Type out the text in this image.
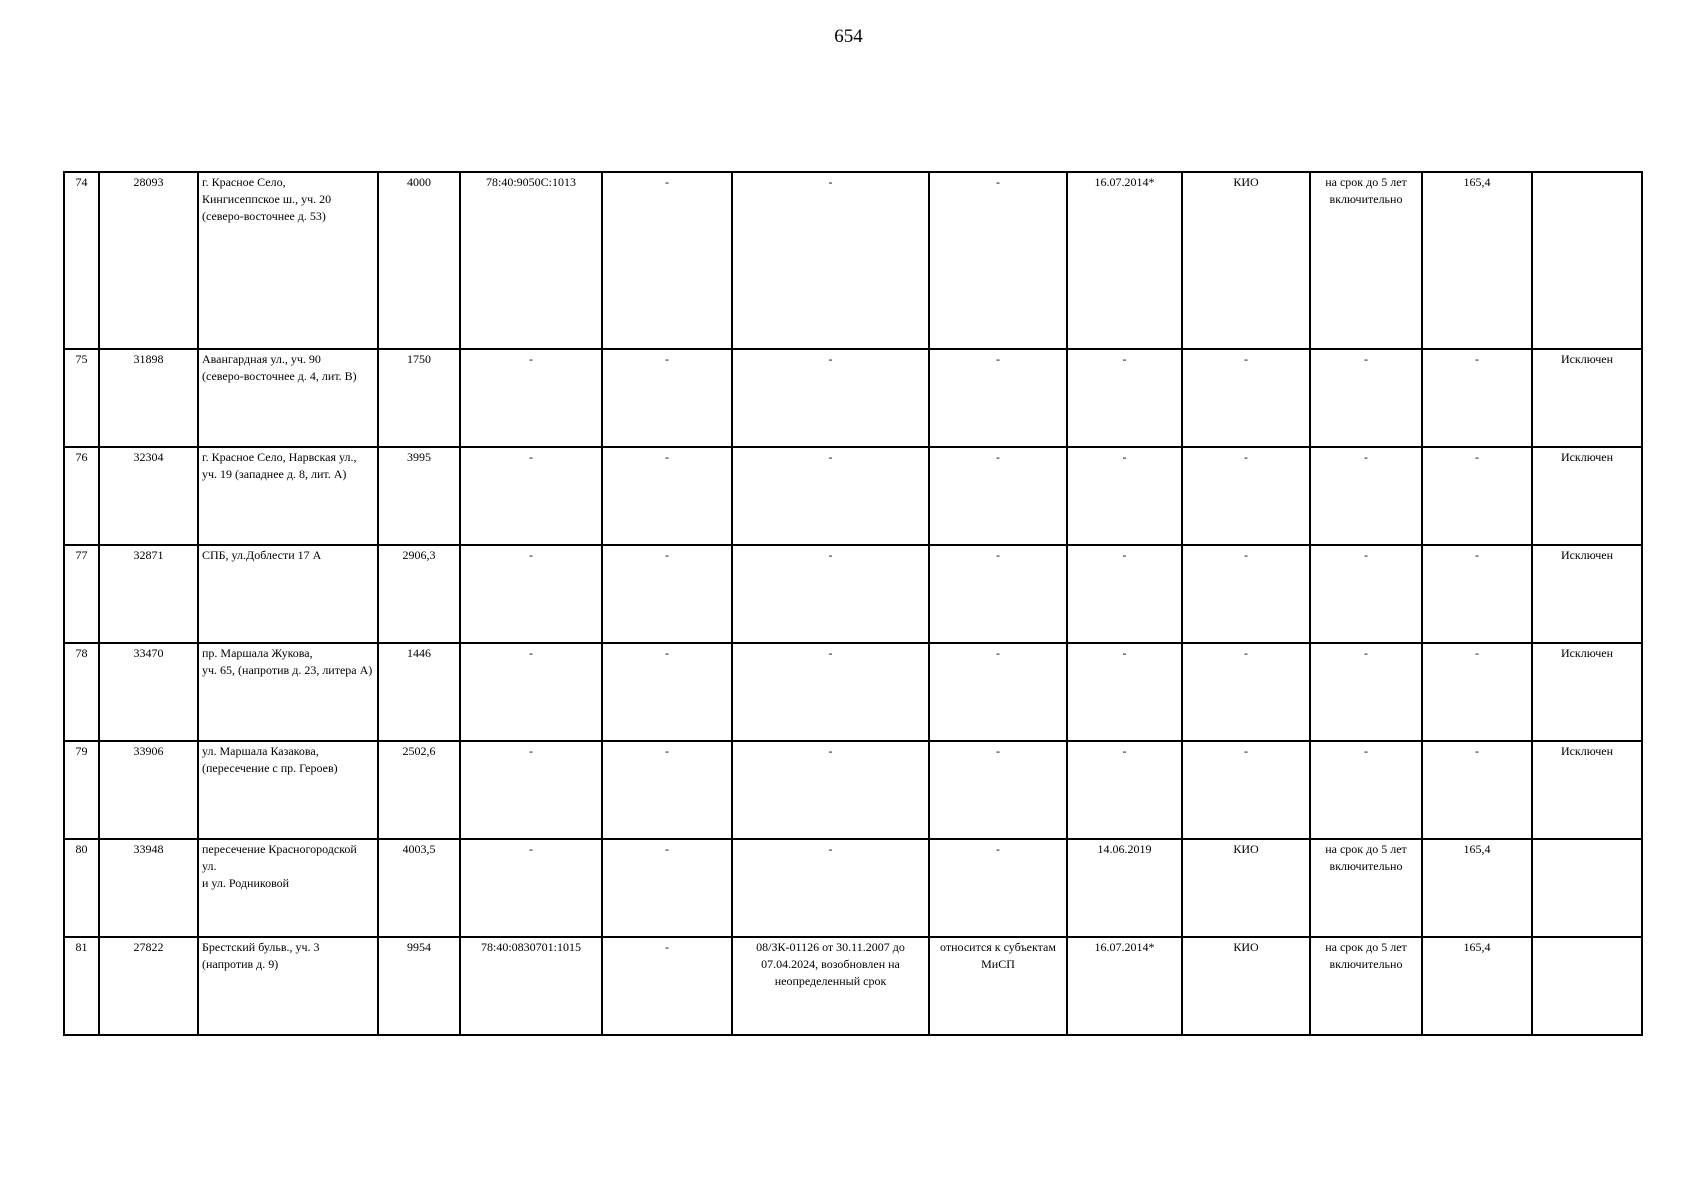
654
74	28093	г. Красное Село,
Кингисеппское ш., уч. 20
(северо-восточнее д. 53)	4000	78:40:9050С:1013	-	-	-	16.07.2014*	КИО	на срок до 5 лет включительно	165,4	
75	31898	Авангардная ул., уч. 90
(северо-восточнее д. 4, лит. В)	1750	-	-	-	-	-	-	-	-	Исключен
76	32304	г. Красное Село, Нарвская ул., уч. 19 (западнее д. 8, лит. А)	3995	-	-	-	-	-	-	-	-	Исключен
77	32871	СПБ, ул.Доблести 17 А	2906,3	-	-	-	-	-	-	-	-	Исключен
78	33470	пр. Маршала Жукова,
уч. 65, (напротив д. 23, литера А)	1446	-	-	-	-	-	-	-	-	Исключен
79	33906	ул. Маршала Казакова,
(пересечение с пр. Героев)	2502,6	-	-	-	-	-	-	-	-	Исключен
80	33948	пересечение Красногородской ул.
и ул. Родниковой	4003,5	-	-	-	-	14.06.2019	КИО	на срок до 5 лет включительно	165,4	
81	27822	Брестский бульв., уч. 3
(напротив д. 9)	9954	78:40:0830701:1015	-	08/ЗК-01126 от 30.11.2007 до 07.04.2024, возобновлен на неопределенный срок	относится к субъектам МиСП	16.07.2014*	КИО	на срок до 5 лет включительно	165,4	
